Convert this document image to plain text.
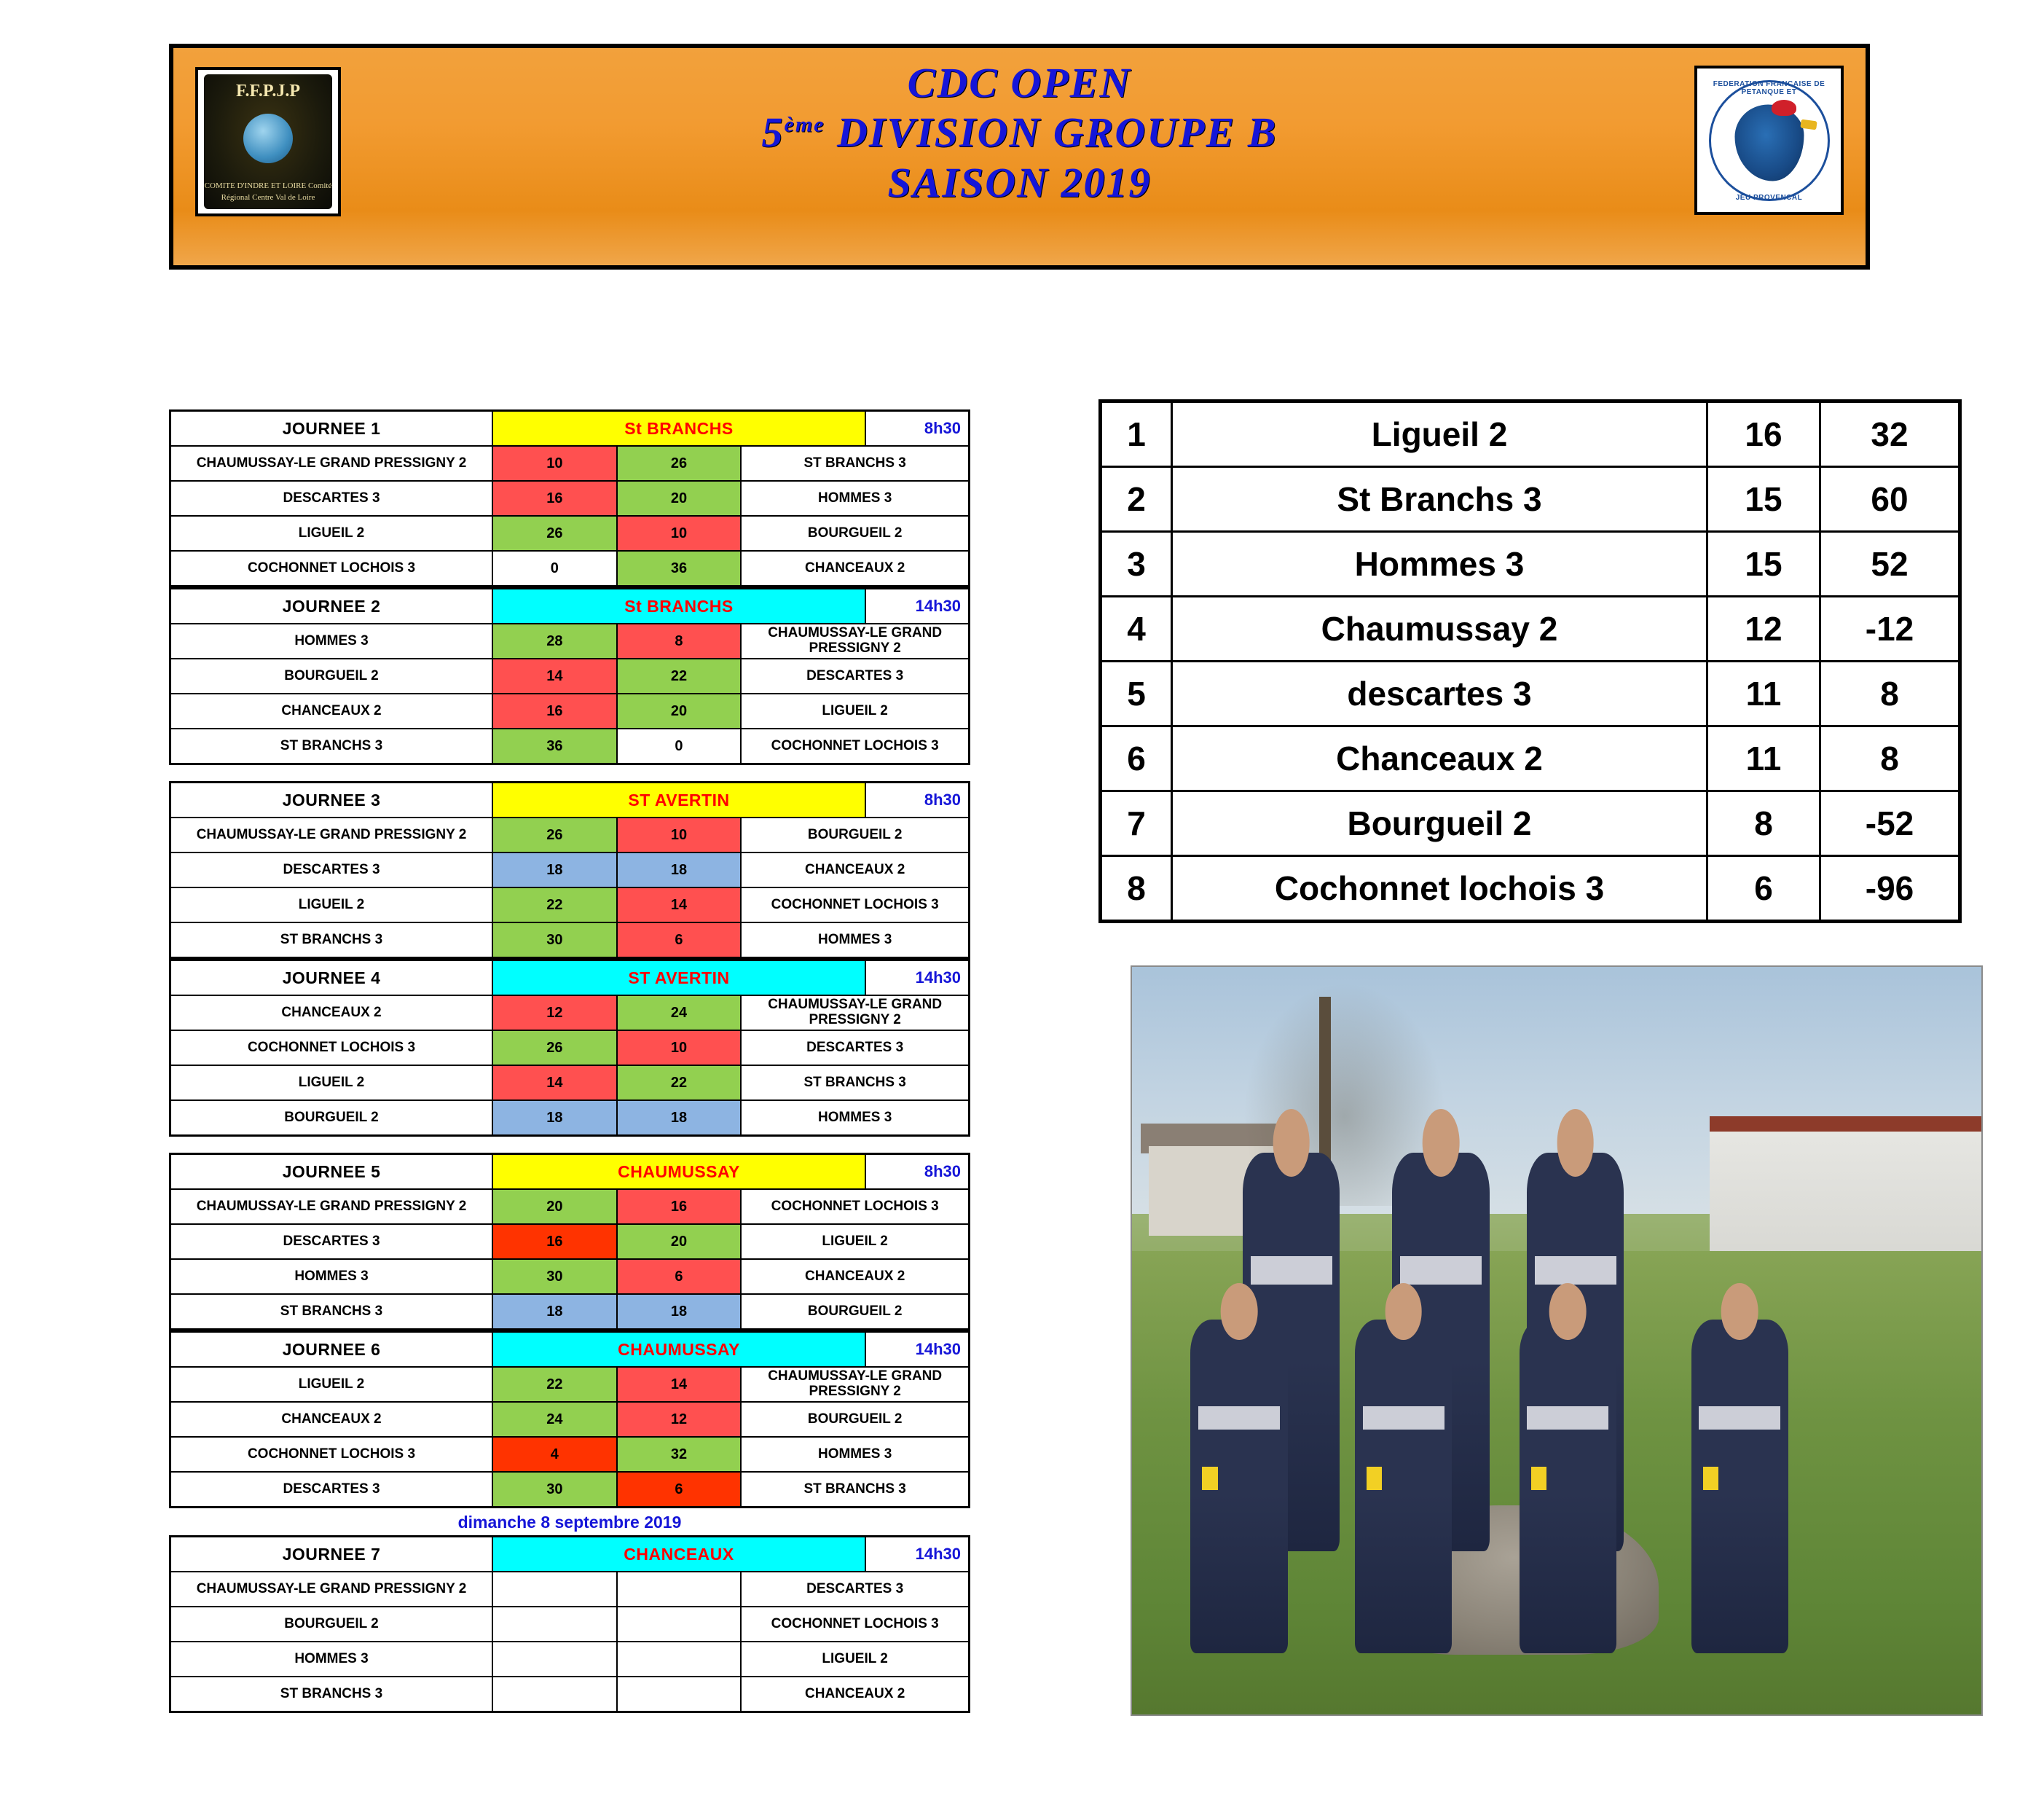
F.F.P.J.P
COMITE D'INDRE ET LOIRE Comité Régional Centre Val de Loire
CDC OPEN
5ème DIVISION GROUPE B
SAISON 2019
FEDERATION FRANCAISE DE PETANQUE ET
JEU PROVENCAL
JOURNEE 1	St BRANCHS			8h30
CHAUMUSSAY-LE GRAND PRESSIGNY 2	10	26	ST BRANCHS 3	
DESCARTES 3	16	20	HOMMES 3	
LIGUEIL 2	26	10	BOURGUEIL 2	
COCHONNET LOCHOIS 3	0	36	CHANCEAUX 2	
JOURNEE 2	St BRANCHS			14h30
HOMMES 3	28	8	CHAUMUSSAY-LE GRAND PRESSIGNY 2	
BOURGUEIL 2	14	22	DESCARTES 3	
CHANCEAUX 2	16	20	LIGUEIL 2	
ST BRANCHS 3	36	0	COCHONNET LOCHOIS 3	
JOURNEE 3	ST AVERTIN			8h30
CHAUMUSSAY-LE GRAND PRESSIGNY 2	26	10	BOURGUEIL 2	
DESCARTES 3	18	18	CHANCEAUX 2	
LIGUEIL 2	22	14	COCHONNET LOCHOIS 3	
ST BRANCHS 3	30	6	HOMMES 3	
JOURNEE 4	ST AVERTIN			14h30
CHANCEAUX 2	12	24	CHAUMUSSAY-LE GRAND PRESSIGNY 2	
COCHONNET LOCHOIS 3	26	10	DESCARTES 3	
LIGUEIL 2	14	22	ST BRANCHS 3	
BOURGUEIL 2	18	18	HOMMES 3	
JOURNEE 5	CHAUMUSSAY			8h30
CHAUMUSSAY-LE GRAND PRESSIGNY 2	20	16	COCHONNET LOCHOIS 3	
DESCARTES 3	16	20	LIGUEIL 2	
HOMMES 3	30	6	CHANCEAUX 2	
ST BRANCHS 3	18	18	BOURGUEIL 2	
JOURNEE 6	CHAUMUSSAY			14h30
LIGUEIL 2	22	14	CHAUMUSSAY-LE GRAND PRESSIGNY 2	
CHANCEAUX 2	24	12	BOURGUEIL 2	
COCHONNET LOCHOIS 3	4	32	HOMMES 3	
DESCARTES 3	30	6	ST BRANCHS 3	
dimanche 8 septembre 2019
JOURNEE 7	CHANCEAUX			14h30
CHAUMUSSAY-LE GRAND PRESSIGNY 2			DESCARTES 3	
BOURGUEIL 2			COCHONNET LOCHOIS 3	
HOMMES 3			LIGUEIL 2	
ST BRANCHS 3			CHANCEAUX 2	
1	Ligueil 2	16	32
2	St Branchs 3	15	60
3	Hommes 3	15	52
4	Chaumussay 2	12	-12
5	descartes 3	11	8
6	Chanceaux 2	11	8
7	Bourgueil 2	8	-52
8	Cochonnet lochois 3	6	-96
